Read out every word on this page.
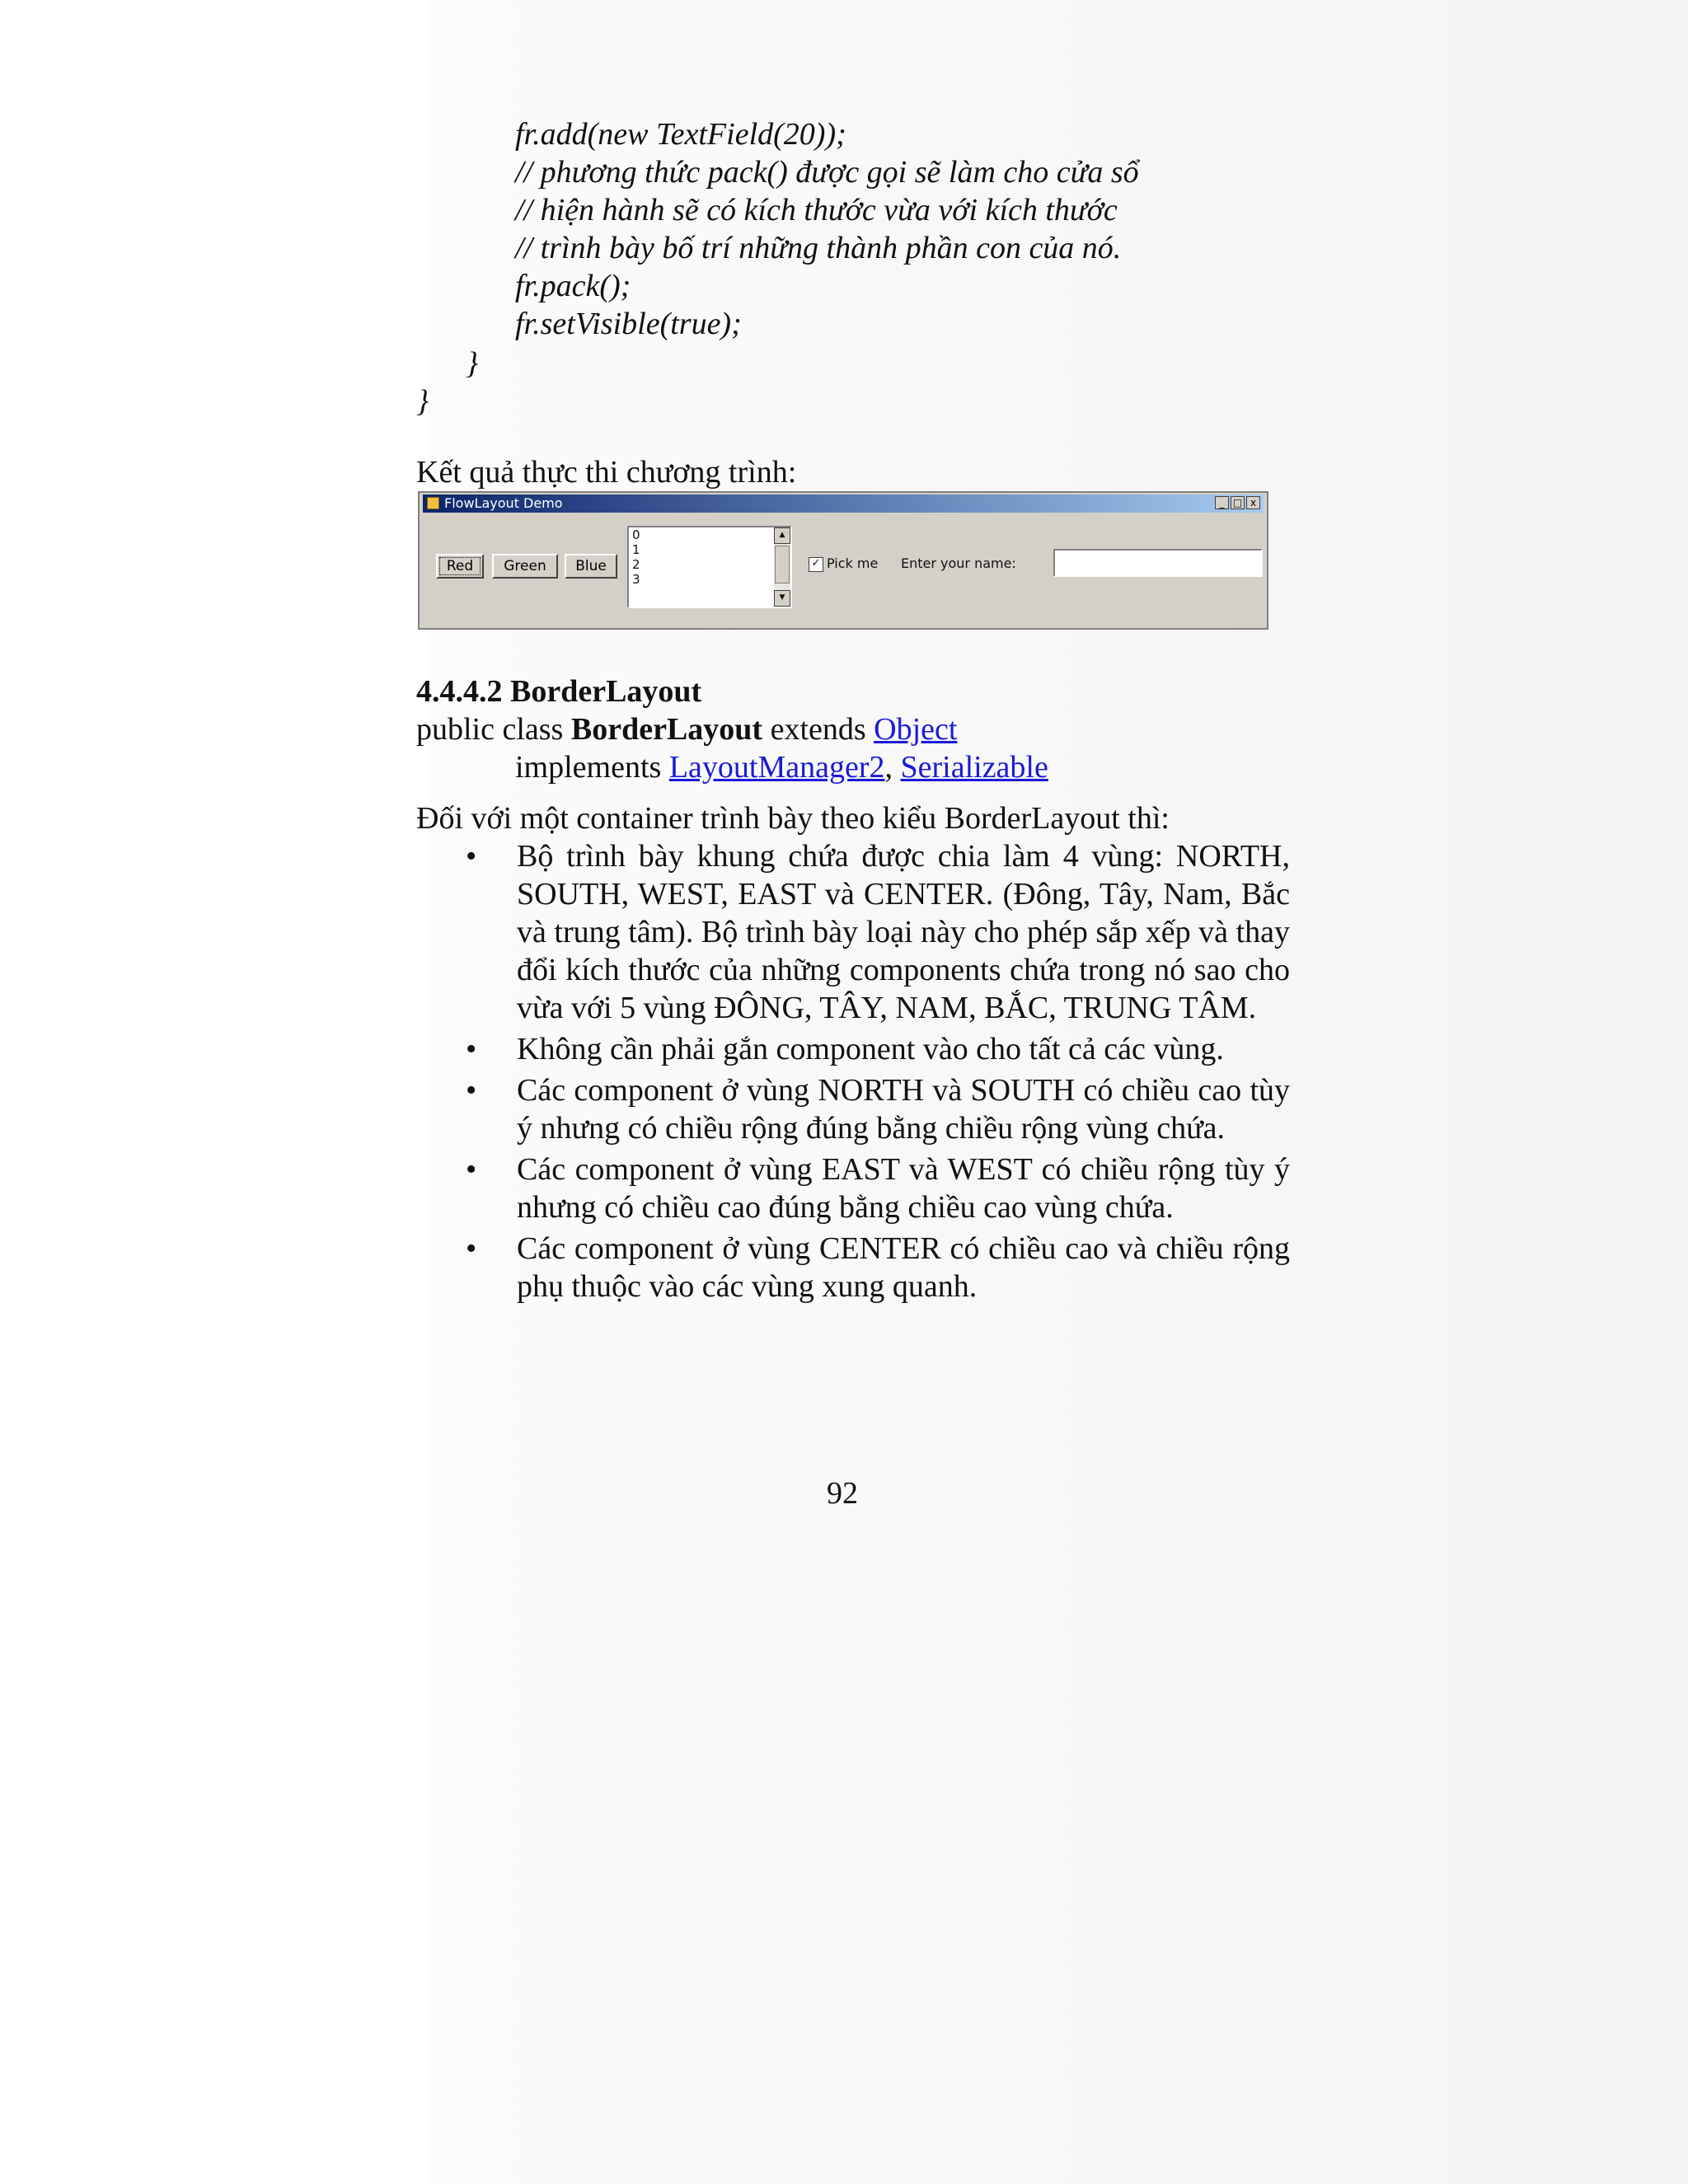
fr.add(new TextField(20));
// phương thức pack() được gọi sẽ làm cho cửa sổ
// hiện hành sẽ có kích thước vừa với kích thước
// trình bày bố trí những thành phần con của nó.
fr.pack();
fr.setVisible(true);
}
}
Kết quả thực thi chương trình:
FlowLayout Demo	_ □ x
Red	Green	Blue
0
1
2
3
▲
▼
✓ Pick me Enter your name:
4.4.4.2 BorderLayout
public class BorderLayout extends Object
implements LayoutManager2, Serializable
Đối với một container trình bày theo kiểu BorderLayout thì:
•	Bộ trình bày khung chứa được chia làm 4 vùng: NORTH, SOUTH, WEST, EAST và CENTER. (Đông, Tây, Nam, Bắc và trung tâm). Bộ trình bày loại này cho phép sắp xếp và thay đổi kích thước của những components chứa trong nó sao cho vừa với 5 vùng ĐÔNG, TÂY, NAM, BẮC, TRUNG TÂM.
•	Không cần phải gắn component vào cho tất cả các vùng.
•	Các component ở vùng NORTH và SOUTH có chiều cao tùy ý nhưng có chiều rộng đúng bằng chiều rộng vùng chứa.
•	Các component ở vùng EAST và WEST có chiều rộng tùy ý nhưng có chiều cao đúng bằng chiều cao vùng chứa.
•	Các component ở vùng CENTER có chiều cao và chiều rộng phụ thuộc vào các vùng xung quanh.
92
